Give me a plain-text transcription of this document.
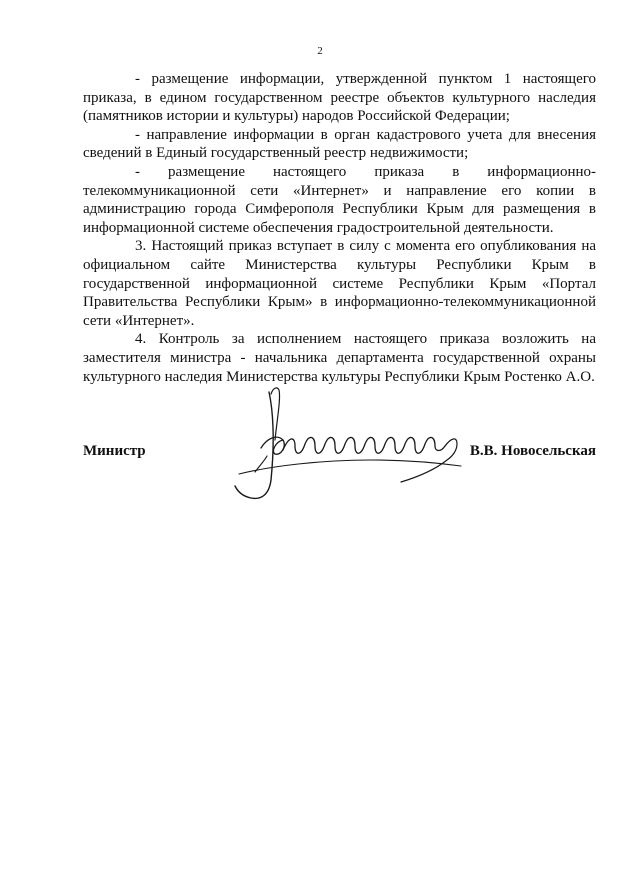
2

- размещение информации, утвержденной пунктом 1 настоящего приказа, в едином государственном реестре объектов культурного наследия (памятников истории и культуры) народов Российской Федерации;

- направление информации в орган кадастрового учета для внесения сведений в Единый государственный реестр недвижимости;

- размещение настоящего приказа в информационно-телекоммуникационной сети «Интернет» и направление его копии в администрацию города Симферополя Республики Крым для размещения в информационной системе обеспечения градостроительной деятельности.

3. Настоящий приказ вступает в силу с момента его опубликования на официальном сайте Министерства культуры Республики Крым в государственной информационной системе Республики Крым «Портал Правительства Республики Крым» в информационно-телекоммуникационной сети «Интернет».

4. Контроль за исполнением настоящего приказа возложить на заместителя министра - начальника департамента государственной охраны культурного наследия Министерства культуры Республики Крым Ростенко А.О.

Министр	В.В. Новосельская
